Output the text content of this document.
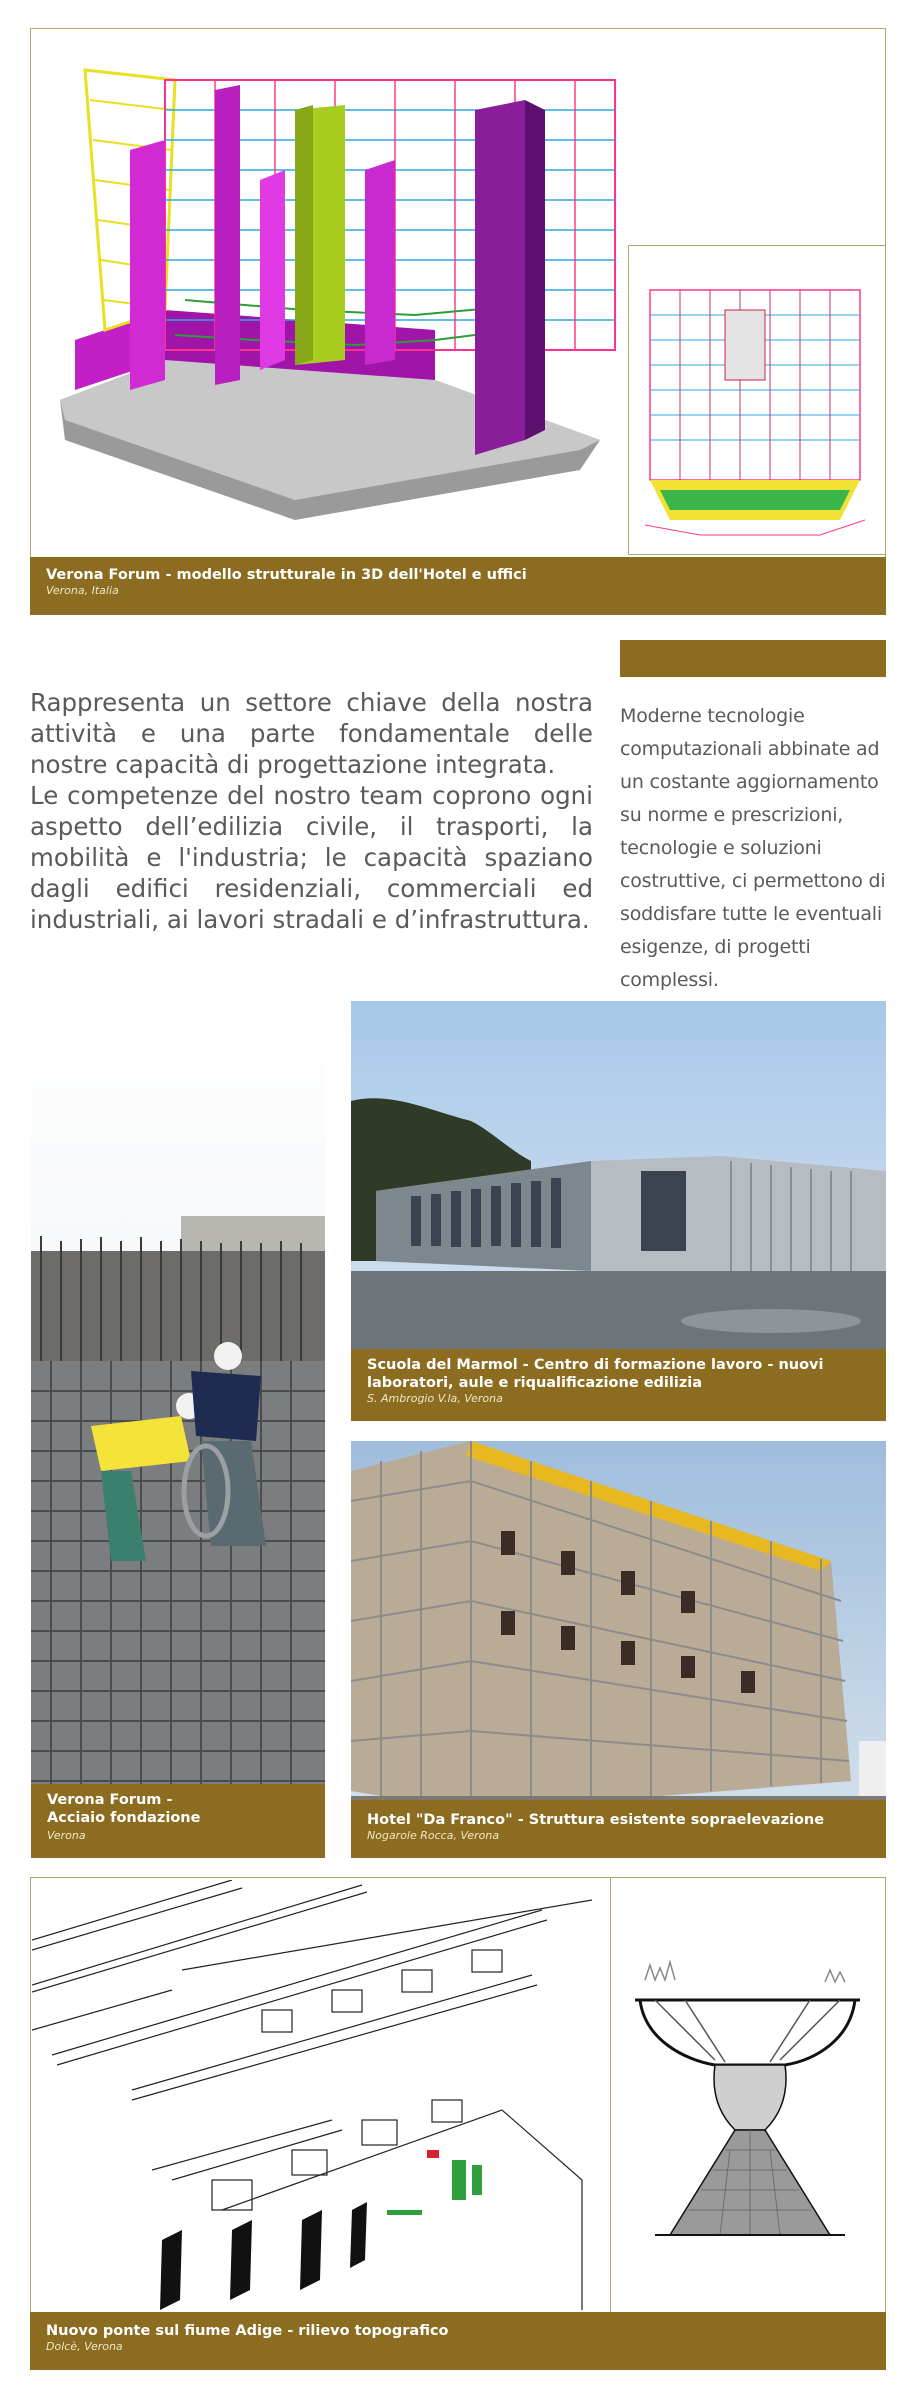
Verona Forum - modello strutturale in 3D dell'Hotel e uffici
Verona, Italia
Rappresenta un settore chiave della nostra attività e una parte fondamentale delle nostre capacità di progettazione integrata.
Le competenze del nostro team coprono ogni aspetto dell’edilizia civile, il trasporti, la mobilità e l'industria; le capacità spaziano dagli edifici residenziali, commerciali ed industriali, ai lavori stradali e d’infrastruttura.
Moderne tecnologie
computazionali abbinate ad
un costante aggiornamento
su norme e prescrizioni,
tecnologie e soluzioni
costruttive, ci permettono di
soddisfare tutte le eventuali
esigenze, di progetti complessi.
Verona Forum -
Acciaio fondazione
Verona
Scuola del Marmol - Centro di formazione lavoro - nuovi
laboratori, aule e riqualificazione edilizia
S. Ambrogio V.la, Verona
Hotel "Da Franco" - Struttura esistente sopraelevazione
Nogarole Rocca, Verona
Nuovo ponte sul fiume Adige - rilievo topografico
Dolcè, Verona
